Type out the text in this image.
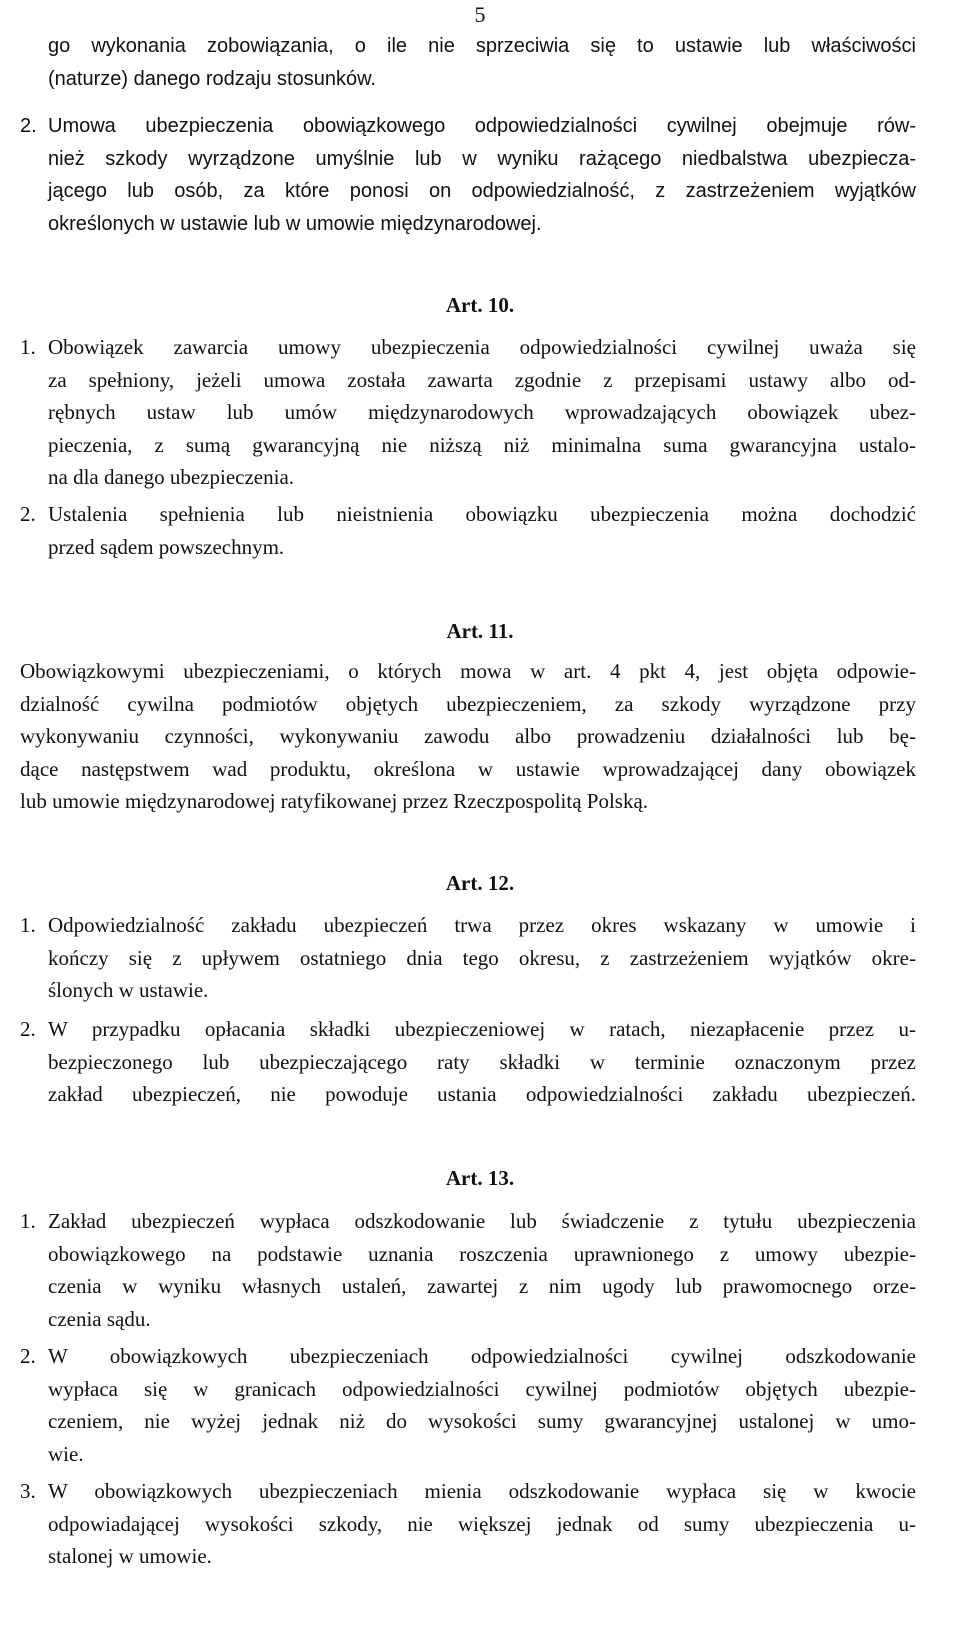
5
go wykonania zobowiązania, o ile nie sprzeciwia się to ustawie lub właściwości
(naturze) danego rodzaju stosunków.
2. Umowa ubezpieczenia obowiązkowego odpowiedzialności cywilnej obejmuje rów-
nież szkody wyrządzone umyślnie lub w wyniku rażącego niedbalstwa ubezpiecza-
jącego lub osób, za które ponosi on odpowiedzialność, z zastrzeżeniem wyjątków
określonych w ustawie lub w umowie międzynarodowej.
Art. 10.
1. Obowiązek zawarcia umowy ubezpieczenia odpowiedzialności cywilnej uważa się
za spełniony, jeżeli umowa została zawarta zgodnie z przepisami ustawy albo od-
rębnych ustaw lub umów międzynarodowych wprowadzających obowiązek ubez-
pieczenia, z sumą gwarancyjną nie niższą niż minimalna suma gwarancyjna ustalo-
na dla danego ubezpieczenia.
2. Ustalenia spełnienia lub nieistnienia obowiązku ubezpieczenia można dochodzić
przed sądem powszechnym.
Art. 11.
Obowiązkowymi ubezpieczeniami, o których mowa w art. 4 pkt 4, jest objęta odpowie-
dzialność cywilna podmiotów objętych ubezpieczeniem, za szkody wyrządzone przy
wykonywaniu czynności, wykonywaniu zawodu albo prowadzeniu działalności lub bę-
dące następstwem wad produktu, określona w ustawie wprowadzającej dany obowiązek
lub umowie międzynarodowej ratyfikowanej przez Rzeczpospolitą Polską.
Art. 12.
1. Odpowiedzialność zakładu ubezpieczeń trwa przez okres wskazany w umowie i
kończy się z upływem ostatniego dnia tego okresu, z zastrzeżeniem wyjątków okre-
ślonych w ustawie.
2. W przypadku opłacania składki ubezpieczeniowej w ratach, niezapłacenie przez u-
bezpieczonego lub ubezpieczającego raty składki w terminie oznaczonym przez
zakład ubezpieczeń, nie powoduje ustania odpowiedzialności zakładu ubezpieczeń.
Art. 13.
1. Zakład ubezpieczeń wypłaca odszkodowanie lub świadczenie z tytułu ubezpieczenia
obowiązkowego na podstawie uznania roszczenia uprawnionego z umowy ubezpie-
czenia w wyniku własnych ustaleń, zawartej z nim ugody lub prawomocnego orze-
czenia sądu.
2. W obowiązkowych ubezpieczeniach odpowiedzialności cywilnej odszkodowanie
wypłaca się w granicach odpowiedzialności cywilnej podmiotów objętych ubezpie-
czeniem, nie wyżej jednak niż do wysokości sumy gwarancyjnej ustalonej w umo-
wie.
3. W obowiązkowych ubezpieczeniach mienia odszkodowanie wypłaca się w kwocie
odpowiadającej wysokości szkody, nie większej jednak od sumy ubezpieczenia u-
stalonej w umowie.
